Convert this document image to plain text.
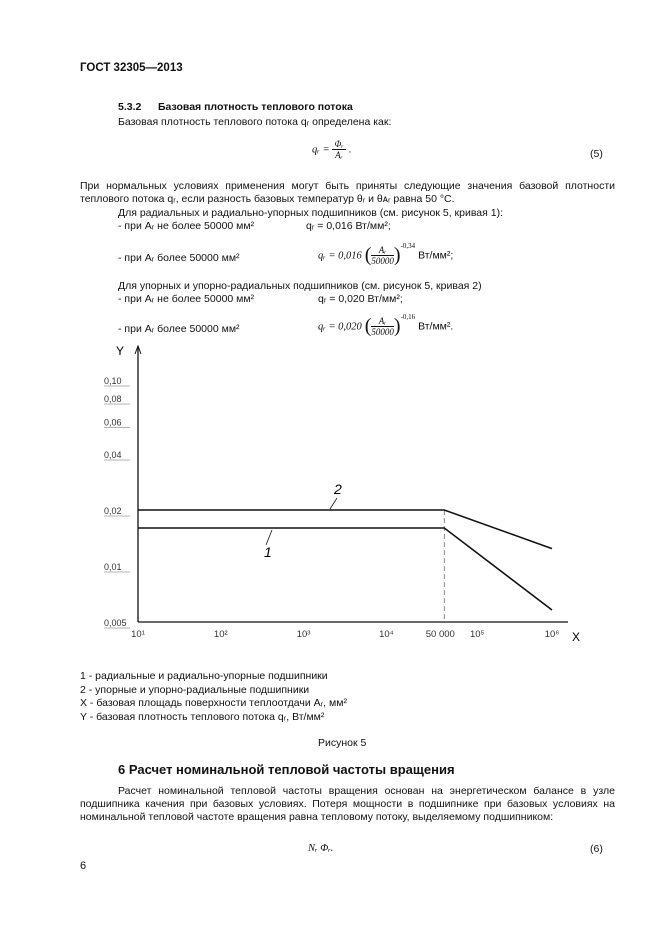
ГОСТ 32305—2013
5.3.2 Базовая плотность теплового потока
Базовая плотность теплового потока qᵣ определена как:
qᵣ = $\frac{\text{Φᵣ}}{\text{Aᵣ}}$ .	(5)
При нормальных условиях применения могут быть приняты следующие значения базовой плотности теплового потока qᵣ, если разность базовых температур θᵣ и θᴀᵣ равна 50 °С.
Для радиальных и радиально-упорных подшипников (см. рисунок 5, кривая 1):
- при Aᵣ не более 50000 мм²	qᵣ = 0,016 Вт/мм²;
- при Aᵣ более 50000 мм²	qᵣ = 0,016 ( $\frac{\text{Aᵣ}}{50000} )^{-0,34}$ Вт/мм²;
Для упорных и упорно-радиальных подшипников (см. рисунок 5, кривая 2)
- при Aᵣ не более 50000 мм²	qᵣ = 0,020 Вт/мм²;
- при Aᵣ более 50000 мм²	qᵣ = 0,020 ( $\frac{\text{Aᵣ}}{50000} )^{-0,16}$ Вт/мм².
Y
X
0,005
0,01
0,02
0,04
0,06
0,08
0,10
10¹	10²	10³	10⁴	50 000 10⁵	10⁶
2
1
1 - радиальные и радиально-упорные подшипники
2 - упорные и упорно-радиальные подшипники
X - базовая площадь поверхности теплоотдачи Aᵣ, мм²
Y - базовая плотность теплового потока qᵣ, Вт/мм²
Рисунок 5
6 Расчет номинальной тепловой частоты вращения
Расчет номинальной тепловой частоты вращения основан на энергетическом балансе в узле подшипника качения при базовых условиях. Потеря мощности в подшипнике при базовых условиях на номинальной тепловой частоте вращения равна тепловому потоку, выделяемому подшипником:
Nᵣ Φᵣ.	(6)
6
